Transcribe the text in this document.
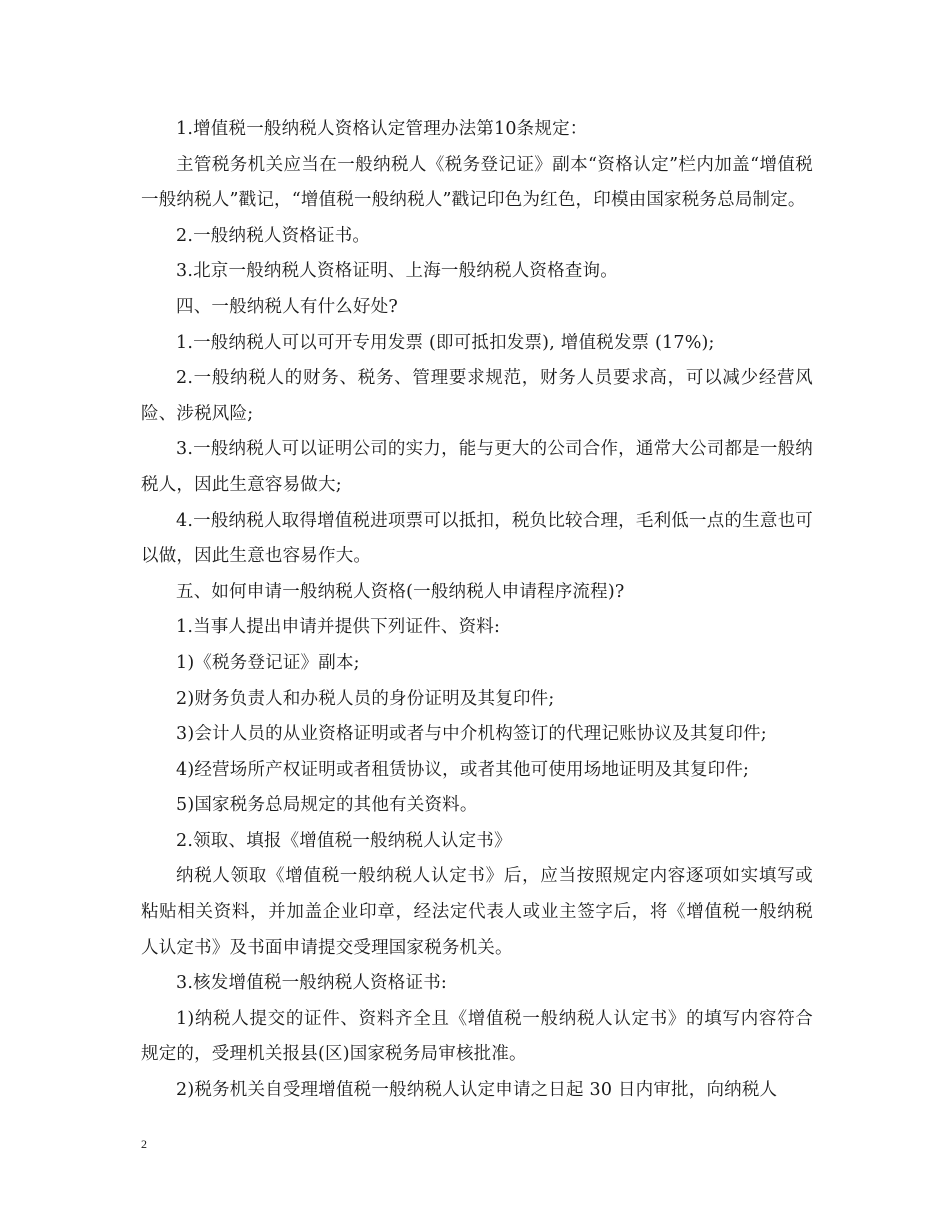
1.增值税一般纳税人资格认定管理办法第10条规定：

主管税务机关应当在一般纳税人《税务登记证》副本“资格认定”栏内加盖“增值税一般纳税人”戳记，“增值税一般纳税人”戳记印色为红色，印模由国家税务总局制定。

2.一般纳税人资格证书。

3.北京一般纳税人资格证明、上海一般纳税人资格查询。

四、一般纳税人有什么好处?

1.一般纳税人可以可开专用发票 (即可抵扣发票), 增值税发票 (17%);

2.一般纳税人的财务、税务、管理要求规范，财务人员要求高，可以减少经营风险、涉税风险;

3.一般纳税人可以证明公司的实力，能与更大的公司合作，通常大公司都是一般纳税人，因此生意容易做大;

4.一般纳税人取得增值税进项票可以抵扣，税负比较合理，毛利低一点的生意也可以做，因此生意也容易作大。

五、如何申请一般纳税人资格(一般纳税人申请程序流程)?

1.当事人提出申请并提供下列证件、资料:

1)《税务登记证》副本;

2)财务负责人和办税人员的身份证明及其复印件;

3)会计人员的从业资格证明或者与中介机构签订的代理记账协议及其复印件;

4)经营场所产权证明或者租赁协议，或者其他可使用场地证明及其复印件;

5)国家税务总局规定的其他有关资料。

2.领取、填报《增值税一般纳税人认定书》

纳税人领取《增值税一般纳税人认定书》后，应当按照规定内容逐项如实填写或粘贴相关资料，并加盖企业印章，经法定代表人或业主签字后，将《增值税一般纳税人认定书》及书面申请提交受理国家税务机关。

3.核发增值税一般纳税人资格证书:

1)纳税人提交的证件、资料齐全且《增值税一般纳税人认定书》的填写内容符合规定的，受理机关报县(区)国家税务局审核批准。

2)税务机关自受理增值税一般纳税人认定申请之日起 30 日内审批，向纳税人

2
